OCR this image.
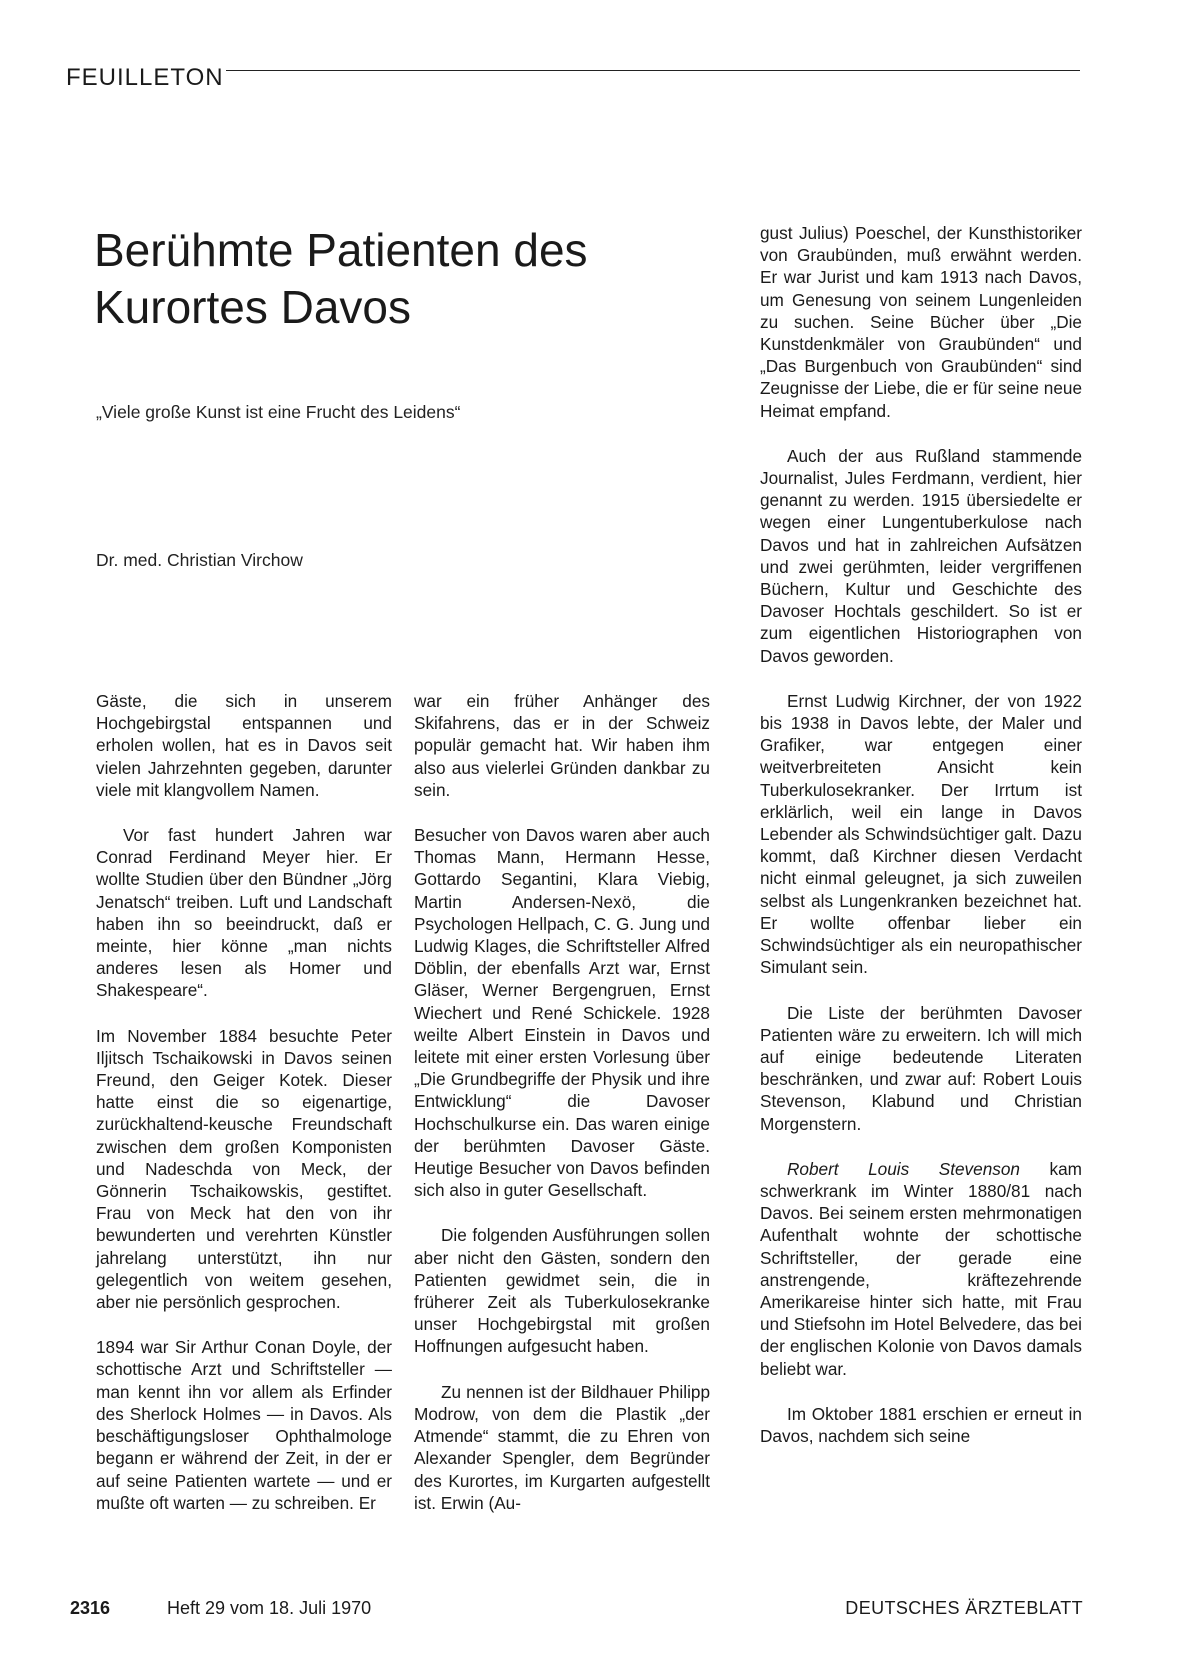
FEUILLETON
Berühmte Patienten des Kurortes Davos
„Viele große Kunst ist eine Frucht des Leidens“
Dr. med. Christian Virchow

Gäste, die sich in unserem Hochgebirgstal entspannen und erholen wollen, hat es in Davos seit vielen Jahrzehnten gegeben, darunter viele mit klangvollem Namen.

Vor fast hundert Jahren war Conrad Ferdinand Meyer hier. Er wollte Studien über den Bündner „Jörg Jenatsch“ treiben. Luft und Landschaft haben ihn so beeindruckt, daß er meinte, hier könne „man nichts anderes lesen als Homer und Shakespeare“.

Im November 1884 besuchte Peter Iljitsch Tschaikowski in Davos seinen Freund, den Geiger Kotek. Dieser hatte einst die so eigenartige, zurückhaltend-keusche Freundschaft zwischen dem großen Komponisten und Nadeschda von Meck, der Gönnerin Tschaikowskis, gestiftet. Frau von Meck hat den von ihr bewunderten und verehrten Künstler jahrelang unterstützt, ihn nur gelegentlich von weitem gesehen, aber nie persönlich gesprochen.

1894 war Sir Arthur Conan Doyle, der schottische Arzt und Schriftsteller — man kennt ihn vor allem als Erfinder des Sherlock Holmes — in Davos. Als beschäftigungsloser Ophthalmologe begann er während der Zeit, in der er auf seine Patienten wartete — und er mußte oft warten — zu schreiben. Er

war ein früher Anhänger des Skifahrens, das er in der Schweiz populär gemacht hat. Wir haben ihm also aus vielerlei Gründen dankbar zu sein.

Besucher von Davos waren aber auch Thomas Mann, Hermann Hesse, Gottardo Segantini, Klara Viebig, Martin Andersen-Nexö, die Psychologen Hellpach, C. G. Jung und Ludwig Klages, die Schriftsteller Alfred Döblin, der ebenfalls Arzt war, Ernst Gläser, Werner Bergengruen, Ernst Wiechert und René Schickele. 1928 weilte Albert Einstein in Davos und leitete mit einer ersten Vorlesung über „Die Grundbegriffe der Physik und ihre Entwicklung“ die Davoser Hochschulkurse ein. Das waren einige der berühmten Davoser Gäste. Heutige Besucher von Davos befinden sich also in guter Gesellschaft.

Die folgenden Ausführungen sollen aber nicht den Gästen, sondern den Patienten gewidmet sein, die in früherer Zeit als Tuberkulosekranke unser Hochgebirgstal mit großen Hoffnungen aufgesucht haben.

Zu nennen ist der Bildhauer Philipp Modrow, von dem die Plastik „der Atmende“ stammt, die zu Ehren von Alexander Spengler, dem Begründer des Kurortes, im Kurgarten aufgestellt ist. Erwin (Au-

gust Julius) Poeschel, der Kunsthistoriker von Graubünden, muß erwähnt werden. Er war Jurist und kam 1913 nach Davos, um Genesung von seinem Lungenleiden zu suchen. Seine Bücher über „Die Kunstdenkmäler von Graubünden“ und „Das Burgenbuch von Graubünden“ sind Zeugnisse der Liebe, die er für seine neue Heimat empfand.

Auch der aus Rußland stammende Journalist, Jules Ferdmann, verdient, hier genannt zu werden. 1915 übersiedelte er wegen einer Lungentuberkulose nach Davos und hat in zahlreichen Aufsätzen und zwei gerühmten, leider vergriffenen Büchern, Kultur und Geschichte des Davoser Hochtals geschildert. So ist er zum eigentlichen Historiographen von Davos geworden.

Ernst Ludwig Kirchner, der von 1922 bis 1938 in Davos lebte, der Maler und Grafiker, war entgegen einer weitverbreiteten Ansicht kein Tuberkulosekranker. Der Irrtum ist erklärlich, weil ein lange in Davos Lebender als Schwindsüchtiger galt. Dazu kommt, daß Kirchner diesen Verdacht nicht einmal geleugnet, ja sich zuweilen selbst als Lungenkranken bezeichnet hat. Er wollte offenbar lieber ein Schwindsüchtiger als ein neuropathischer Simulant sein.

Die Liste der berühmten Davoser Patienten wäre zu erweitern. Ich will mich auf einige bedeutende Literaten beschränken, und zwar auf: Robert Louis Stevenson, Klabund und Christian Morgenstern.

Robert Louis Stevenson kam schwerkrank im Winter 1880/81 nach Davos. Bei seinem ersten mehrmonatigen Aufenthalt wohnte der schottische Schriftsteller, der gerade eine anstrengende, kräftezehrende Amerikareise hinter sich hatte, mit Frau und Stiefsohn im Hotel Belvedere, das bei der englischen Kolonie von Davos damals beliebt war.

Im Oktober 1881 erschien er erneut in Davos, nachdem sich seine

2316	Heft 29 vom 18. Juli 1970	DEUTSCHES ÄRZTEBLATT
